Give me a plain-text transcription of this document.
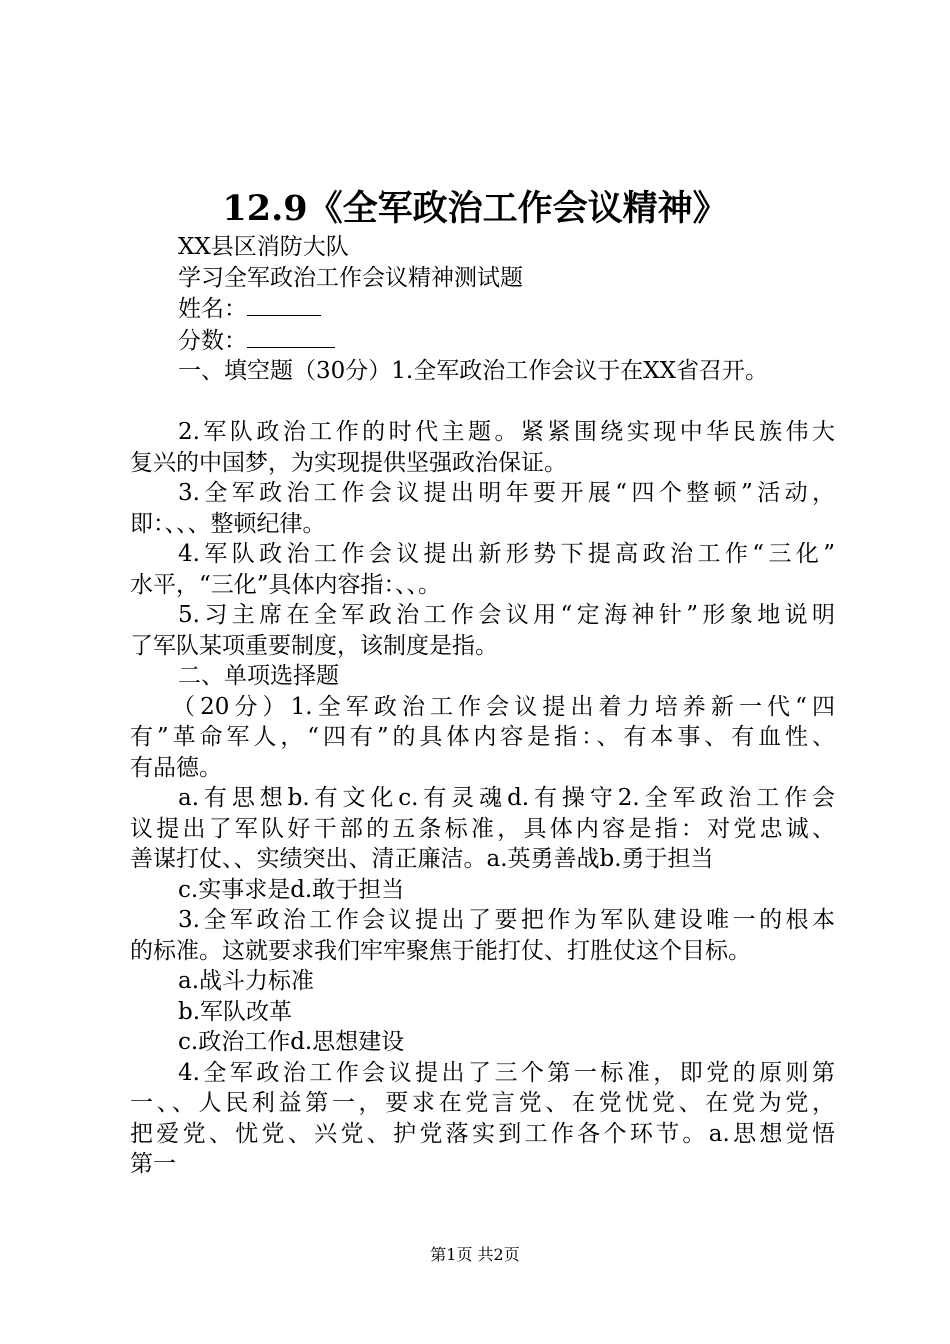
12.9《全军政治工作会议精神》
XX县区消防大队
学习全军政治工作会议精神测试题
姓名：
分数：
一、填空题（30分）1.全军政治工作会议于在XX省召开。
2.军队政治工作的时代主题。紧紧围绕实现中华民族伟大
复兴的中国梦，为实现提供坚强政治保证。
3.全军政治工作会议提出明年要开展“四个整顿”活动，
即：、、、整顿纪律。
4.军队政治工作会议提出新形势下提高政治工作“三化”
水平，“三化”具体内容指：、、。
5.习主席在全军政治工作会议用“定海神针”形象地说明
了军队某项重要制度，该制度是指。
二、单项选择题
（20分）1.全军政治工作会议提出着力培养新一代“四
有”革命军人，“四有”的具体内容是指：、有本事、有血性、
有品德。
a.有思想b.有文化c.有灵魂d.有操守2.全军政治工作会
议提出了军队好干部的五条标准，具体内容是指：对党忠诚、
善谋打仗、、实绩突出、清正廉洁。a.英勇善战b.勇于担当
c.实事求是d.敢于担当
3.全军政治工作会议提出了要把作为军队建设唯一的根本
的标准。这就要求我们牢牢聚焦于能打仗、打胜仗这个目标。
a.战斗力标准
b.军队改革
c.政治工作d.思想建设
4.全军政治工作会议提出了三个第一标准，即党的原则第
一、、人民利益第一，要求在党言党、在党忧党、在党为党，
把爱党、忧党、兴党、护党落实到工作各个环节。a.思想觉悟
第一
第1页 共2页
